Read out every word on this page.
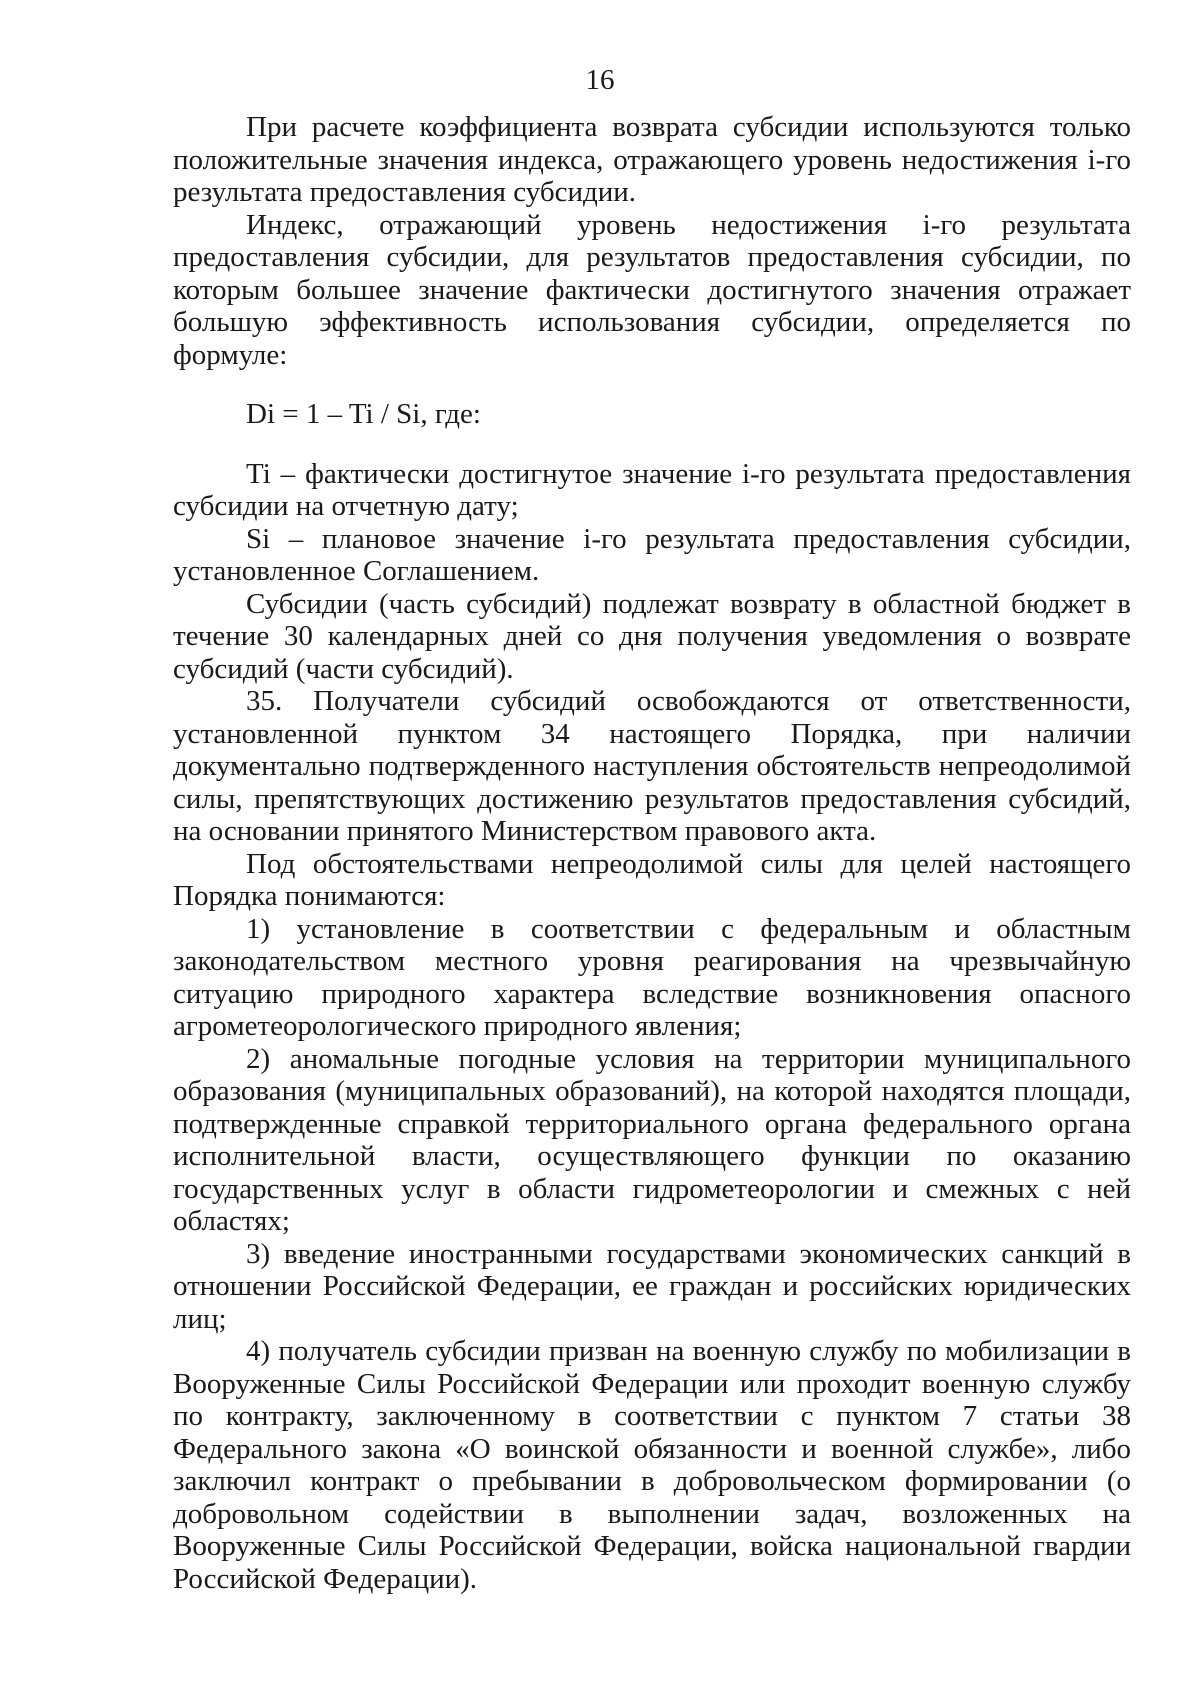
16

При расчете коэффициента возврата субсидии используются только положительные значения индекса, отражающего уровень недостижения i-го результата предоставления субсидии.

Индекс, отражающий уровень недостижения i-го результата предоставления субсидии, для результатов предоставления субсидии, по которым большее значение фактически достигнутого значения отражает большую эффективность использования субсидии, определяется по формуле:

Di = 1 – Ti / Si, где:

Ti – фактически достигнутое значение i-го результата предоставления субсидии на отчетную дату;

Si – плановое значение i-го результата предоставления субсидии, установленное Соглашением.

Субсидии (часть субсидий) подлежат возврату в областной бюджет в течение 30 календарных дней со дня получения уведомления о возврате субсидий (части субсидий).

35. Получатели субсидий освобождаются от ответственности, установленной пунктом 34 настоящего Порядка, при наличии документально подтвержденного наступления обстоятельств непреодолимой силы, препятствующих достижению результатов предоставления субсидий, на основании принятого Министерством правового акта.

Под обстоятельствами непреодолимой силы для целей настоящего Порядка понимаются:

1) установление в соответствии с федеральным и областным законодательством местного уровня реагирования на чрезвычайную ситуацию природного характера вследствие возникновения опасного агрометеорологического природного явления;

2) аномальные погодные условия на территории муниципального образования (муниципальных образований), на которой находятся площади, подтвержденные справкой территориального органа федерального органа исполнительной власти, осуществляющего функции по оказанию государственных услуг в области гидрометеорологии и смежных с ней областях;

3) введение иностранными государствами экономических санкций в отношении Российской Федерации, ее граждан и российских юридических лиц;

4) получатель субсидии призван на военную службу по мобилизации в Вооруженные Силы Российской Федерации или проходит военную службу по контракту, заключенному в соответствии с пунктом 7 статьи 38 Федерального закона «О воинской обязанности и военной службе», либо заключил контракт о пребывании в добровольческом формировании (о добровольном содействии в выполнении задач, возложенных на Вооруженные Силы Российской Федерации, войска национальной гвардии Российской Федерации).
